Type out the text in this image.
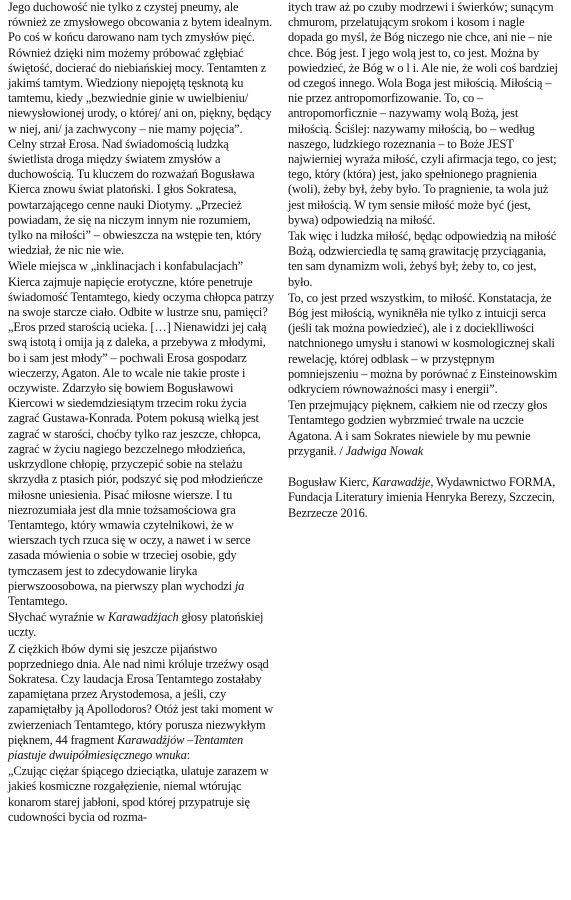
Jego duchowość nie tylko z czystej pneumy, ale również ze zmysłowego obcowania z bytem idealnym. Po coś w końcu darowano nam tych zmysłów pięć. Również dzięki nim możemy próbować zgłębiać świętość, docierać do niebiańskiej mocy. Tentamten z jakimś tamtym. Wiedziony niepojętą tęsknotą ku tamtemu, kiedy „bezwiednie ginie w uwielbieniu/ niewysłowionej urody, o której/ ani on, piękny, będący w niej, ani/ ja zachwycony – nie mamy pojęcia”. Celny strzał Erosa. Nad świadomością ludzką świetlista droga między światem zmysłów a duchowością. Tu kluczem do rozważań Bogusława Kierca znowu świat platoński. I głos Sokratesa, powtarzającego cenne nauki Diotymy. „Przecież powiadam, że się na niczym innym nie rozumiem, tylko na miłości” – obwieszcza na wstępie ten, który wiedział, że nic nie wie.

Wiele miejsca w „inklinacjach i konfabulacjach” Kierca zajmuje napięcie erotyczne, które penetruje świadomość Tentamtego, kiedy oczyma chłopca patrzy na swoje starcze ciało. Odbite w lustrze snu, pamięci? „Eros przed starością ucieka. […] Nienawidzi jej całą swą istotą i omija ją z daleka, a przebywa z młodymi, bo i sam jest młody” – pochwali Erosa gospodarz wieczerzy, Agaton. Ale to wcale nie takie proste i oczywiste. Zdarzyło się bowiem Bogusławowi Kiercowi w siedemdziesiątym trzecim roku życia zagrać Gustawa-Konrada. Potem pokusą wielką jest zagrać w starości, choćby tylko raz jeszcze, chłopca, zagrać w życiu nagiego bezczelnego młodzieńca, uskrzydlone chłopię, przyczepić sobie na stelażu skrzydła z ptasich piór, podszyć się pod młodzieńcze miłosne uniesienia. Pisać miłosne wiersze. I tu niezrozumiała jest dla mnie tożsamościowa gra Tentamtego, który wmawia czytelnikowi, że w wierszach tych rzuca się w oczy, a nawet i w serce zasada mówienia o sobie w trzeciej osobie, gdy tymczasem jest to zdecydowanie liryka pierwszoosobowa, na pierwszy plan wychodzi ja Tentamtego.

Słychać wyraźnie w Karawadżjach głosy platońskiej uczty.

Z ciężkich łbów dymi się jeszcze pijaństwo poprzedniego dnia. Ale nad nimi króluje trzeźwy osąd Sokratesa. Czy laudacja Erosa Tentamtego zostałaby zapamiętana przez Arystodemosa, a jeśli, czy zapamiętałby ją Apollodoros? Otóż jest taki moment w zwierzeniach Tentamtego, który porusza niezwykłym pięknem, 44 fragment Karawadżjów –Tentamten piastuje dwuipółmiesięcznego wnuka:

„Czując ciężar śpiącego dzieciątka, ulatuje zarazem w jakieś kosmiczne rozgałęzienie, niemal wtórując konarom starej jabłoni, spod której przypatruje się cudowności bycia od rozma-

itych traw aż po czuby modrzewi i świerków; sunącym chmurom, przelatującym srokom i kosom i nagle dopada go myśl, że Bóg niczego nie chce, ani nie – nie chce. Bóg jest. I jego wolą jest to, co jest. Można by powiedzieć, że Bóg w o l i. Ale nie, że woli coś bardziej od czegoś innego. Wola Boga jest miłością. Miłością – nie przez antropomorfizowanie. To, co – antropomorficznie – nazywamy wolą Bożą, jest miłością. Ściślej: nazywamy miłością, bo – według naszego, ludzkiego rozeznania – to Boże JEST najwierniej wyraża miłość, czyli afirmacja tego, co jest; tego, który (która) jest, jako spełnionego pragnienia (woli), żeby był, żeby było. To pragnienie, ta wola już jest miłością. W tym sensie miłość może być (jest, bywa) odpowiedzią na miłość.

Tak więc i ludzka miłość, będąc odpowiedzią na miłość Bożą, odzwierciedla tę samą grawitację przyciągania, ten sam dynamizm woli, żebyś był; żeby to, co jest, było.

To, co jest przed wszystkim, to miłość. Konstatacja, że Bóg jest miłością, wynikněła nie tylko z intuicji serca (jeśli tak można powiedzieć), ale i z docieklliwości natchnionego umysłu i stanowi w kosmologicznej skali rewelację, której odblask – w przystępnym pomniejszeniu – można by porównać z Einsteinowskim odkryciem równoważności masy i energii”.

Ten przejmujący pięknem, całkiem nie od rzeczy głos Tentamtego godzien wybrzmieć trwale na uczcie Agatona. A i sam Sokrates niewiele by mu pewnie przyganił. / Jadwiga Nowak

Bogusław Kierc, Karawadżje, Wydawnictwo FORMA, Fundacja Literatury imienia Henryka Berezy, Szczecin, Bezrzecze 2016.
